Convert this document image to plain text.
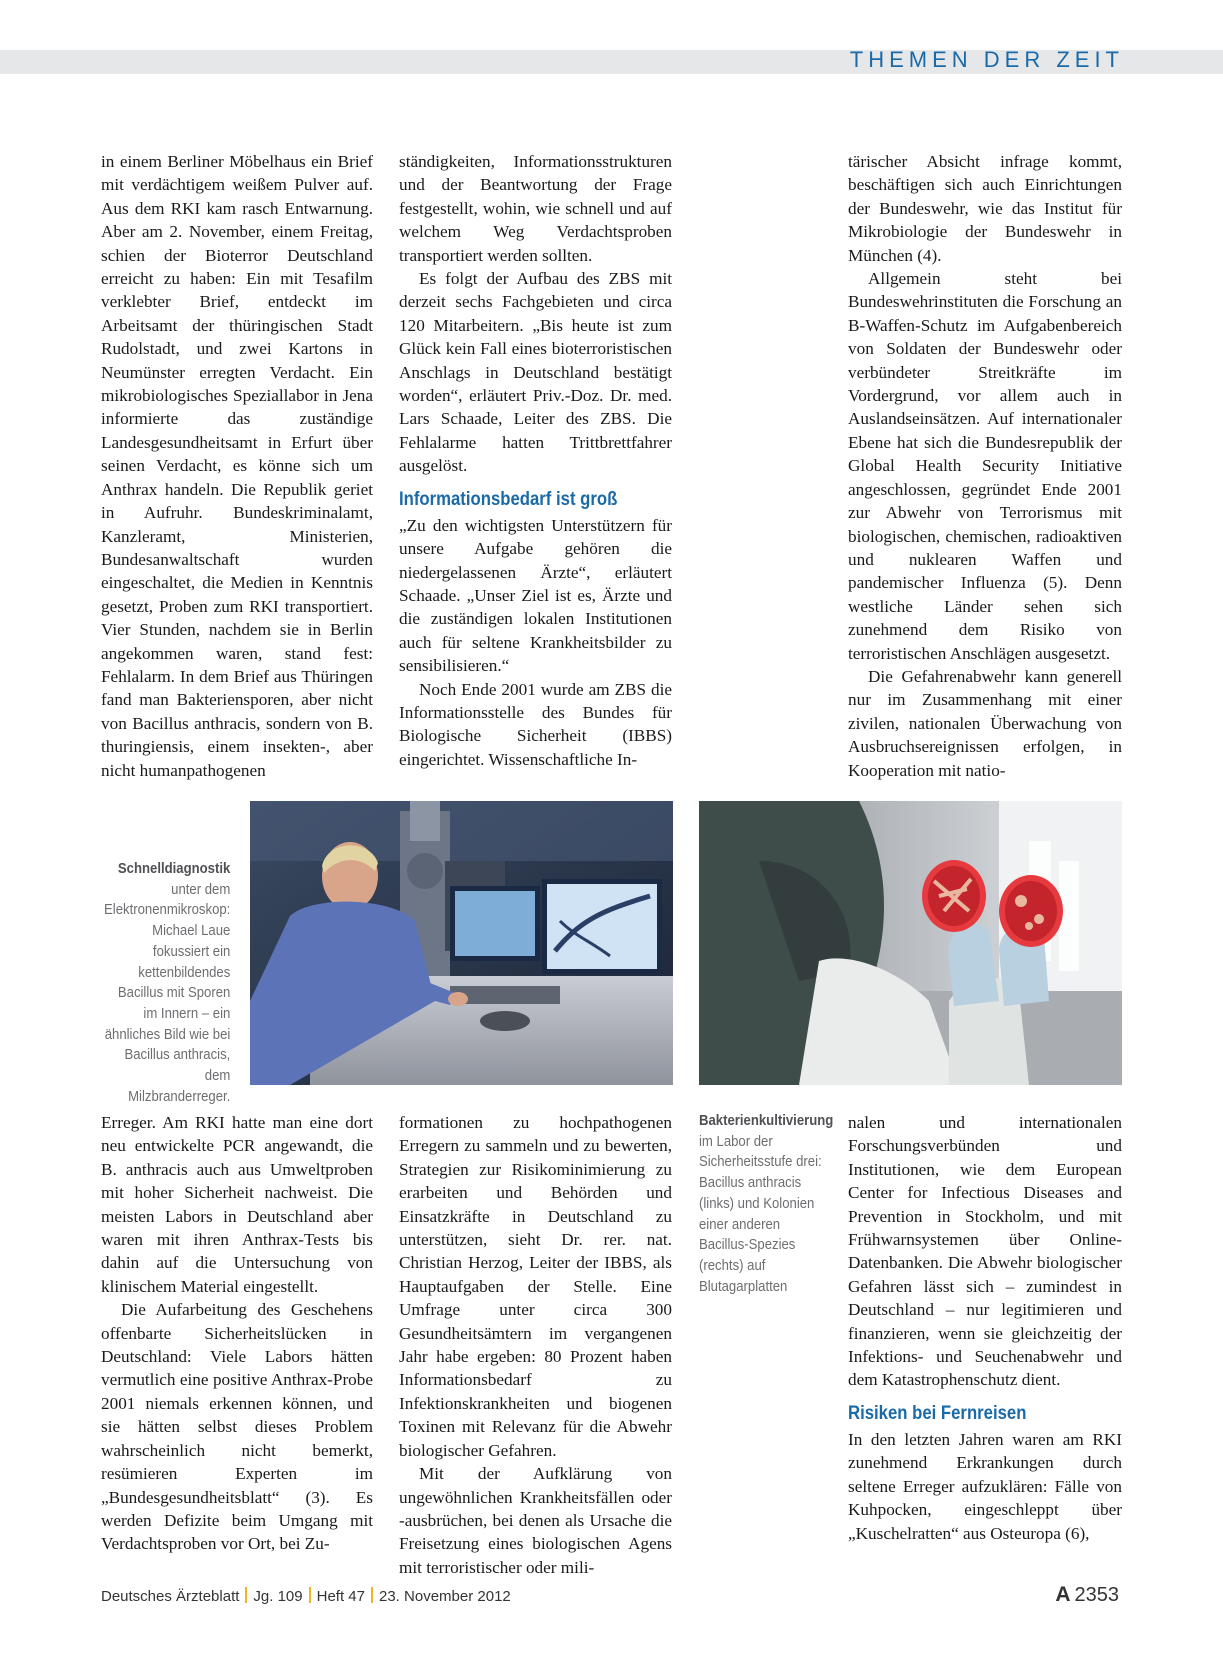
THEMEN DER ZEIT

in einem Berliner Möbelhaus ein Brief mit verdächtigem weißem Pulver auf. Aus dem RKI kam rasch Entwarnung. Aber am 2. November, einem Freitag, schien der Bioterror Deutschland erreicht zu haben: Ein mit Tesafilm verklebter Brief, entdeckt im Arbeitsamt der thüringischen Stadt Rudolstadt, und zwei Kartons in Neumünster erregten Verdacht. Ein mikrobiologisches Speziallabor in Jena informierte das zuständige Landesgesundheitsamt in Erfurt über seinen Verdacht, es könne sich um Anthrax handeln. Die Republik geriet in Aufruhr. Bundeskriminalamt, Kanzleramt, Ministerien, Bundesanwaltschaft wurden eingeschaltet, die Medien in Kenntnis gesetzt, Proben zum RKI transportiert. Vier Stunden, nachdem sie in Berlin angekommen waren, stand fest: Fehlalarm. In dem Brief aus Thüringen fand man Bakteriensporen, aber nicht von Bacillus anthracis, sondern von B. thuringiensis, einem insekten-, aber nicht humanpathogenen

ständigkeiten, Informationsstrukturen und der Beantwortung der Frage festgestellt, wohin, wie schnell und auf welchem Weg Verdachtsproben transportiert werden sollten.

Es folgt der Aufbau des ZBS mit derzeit sechs Fachgebieten und circa 120 Mitarbeitern. „Bis heute ist zum Glück kein Fall eines bioterroristischen Anschlags in Deutschland bestätigt worden“, erläutert Priv.-Doz. Dr. med. Lars Schaade, Leiter des ZBS. Die Fehlalarme hatten Trittbrettfahrer ausgelöst.

Informationsbedarf ist groß

„Zu den wichtigsten Unterstützern für unsere Aufgabe gehören die niedergelassenen Ärzte“, erläutert Schaade. „Unser Ziel ist es, Ärzte und die zuständigen lokalen Institutionen auch für seltene Krankheitsbilder zu sensibilisieren.“

Noch Ende 2001 wurde am ZBS die Informationsstelle des Bundes für Biologische Sicherheit (IBBS) eingerichtet. Wissenschaftliche In-

tärischer Absicht infrage kommt, beschäftigen sich auch Einrichtungen der Bundeswehr, wie das Institut für Mikrobiologie der Bundeswehr in München (4).

Allgemein steht bei Bundeswehrinstituten die Forschung an B-Waffen-Schutz im Aufgabenbereich von Soldaten der Bundeswehr oder verbündeter Streitkräfte im Vordergrund, vor allem auch in Auslandseinsätzen. Auf internationaler Ebene hat sich die Bundesrepublik der Global Health Security Initiative angeschlossen, gegründet Ende 2001 zur Abwehr von Terrorismus mit biologischen, chemischen, radioaktiven und nuklearen Waffen und pandemischer Influenza (5). Denn westliche Länder sehen sich zunehmend dem Risiko von terroristischen Anschlägen ausgesetzt.

Die Gefahrenabwehr kann generell nur im Zusammenhang mit einer zivilen, nationalen Überwachung von Ausbruchsereignissen erfolgen, in Kooperation mit natio-

Schnelldiagnostik unter dem Elektronenmikroskop: Michael Laue fokussiert ein kettenbildendes Bacillus mit Sporen im Innern – ein ähnliches Bild wie bei Bacillus anthracis, dem Milzbranderreger.
Bakterienkultivierung im Labor der Sicherheitsstufe drei: Bacillus anthracis (links) und Kolonien einer anderen Bacillus-Spezies (rechts) auf Blutagarplatten

Erreger. Am RKI hatte man eine dort neu entwickelte PCR angewandt, die B. anthracis auch aus Umweltproben mit hoher Sicherheit nachweist. Die meisten Labors in Deutschland aber waren mit ihren Anthrax-Tests bis dahin auf die Untersuchung von klinischem Material eingestellt.

Die Aufarbeitung des Geschehens offenbarte Sicherheitslücken in Deutschland: Viele Labors hätten vermutlich eine positive Anthrax-Probe 2001 niemals erkennen können, und sie hätten selbst dieses Problem wahrscheinlich nicht bemerkt, resümieren Experten im „Bundesgesundheitsblatt“ (3). Es werden Defizite beim Umgang mit Verdachtsproben vor Ort, bei Zu-

formationen zu hochpathogenen Erregern zu sammeln und zu bewerten, Strategien zur Risikominimierung zu erarbeiten und Behörden und Einsatzkräfte in Deutschland zu unterstützen, sieht Dr. rer. nat. Christian Herzog, Leiter der IBBS, als Hauptaufgaben der Stelle. Eine Umfrage unter circa 300 Gesundheitsämtern im vergangenen Jahr habe ergeben: 80 Prozent haben Informationsbedarf zu Infektionskrankheiten und biogenen Toxinen mit Relevanz für die Abwehr biologischer Gefahren.

Mit der Aufklärung von ungewöhnlichen Krankheitsfällen oder -ausbrüchen, bei denen als Ursache die Freisetzung eines biologischen Agens mit terroristischer oder mili-

nalen und internationalen Forschungsverbünden und Institutionen, wie dem European Center for Infectious Diseases and Prevention in Stockholm, und mit Frühwarnsystemen über Online-Datenbanken. Die Abwehr biologischer Gefahren lässt sich – zumindest in Deutschland – nur legitimieren und finanzieren, wenn sie gleichzeitig der Infektions- und Seuchenabwehr und dem Katastrophenschutz dient.

Risiken bei Fernreisen

In den letzten Jahren waren am RKI zunehmend Erkrankungen durch seltene Erreger aufzuklären: Fälle von Kuhpocken, eingeschleppt über „Kuschelratten“ aus Osteuropa (6),

Deutsches Ärzteblatt Jg. 109 Heft 47 23. November 2012	A 2353
